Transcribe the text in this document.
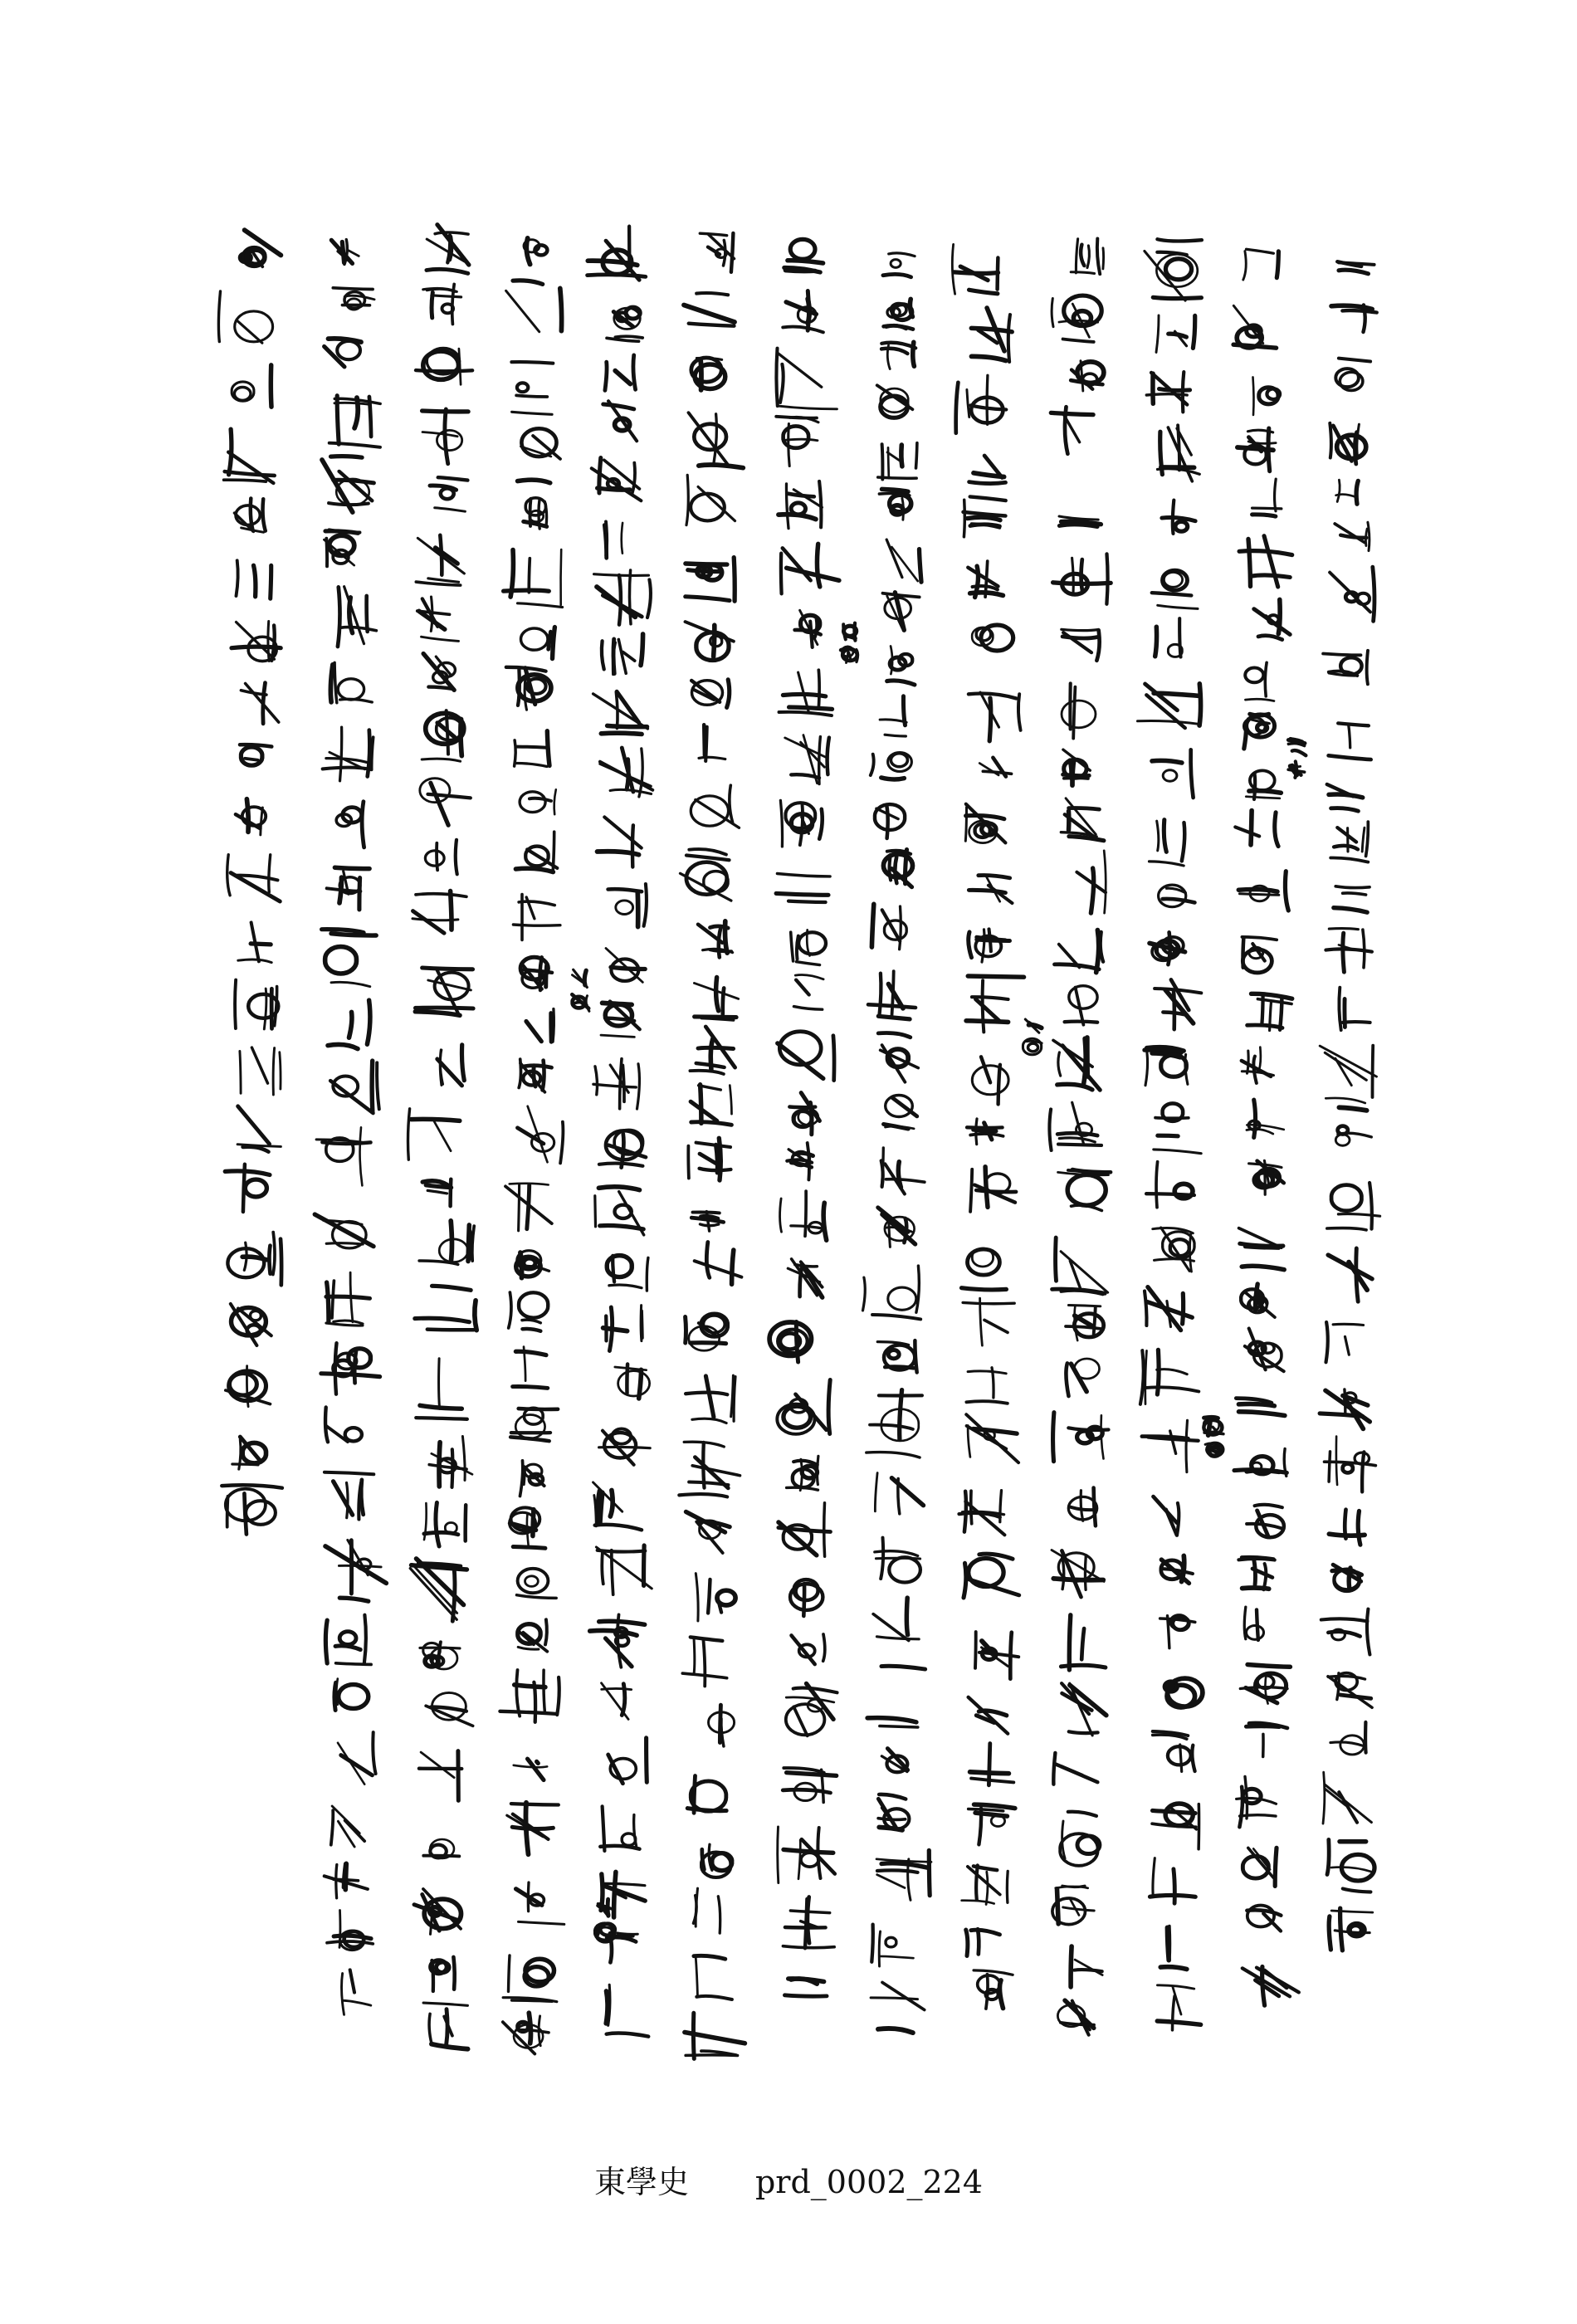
東學史 prd_0002_224
